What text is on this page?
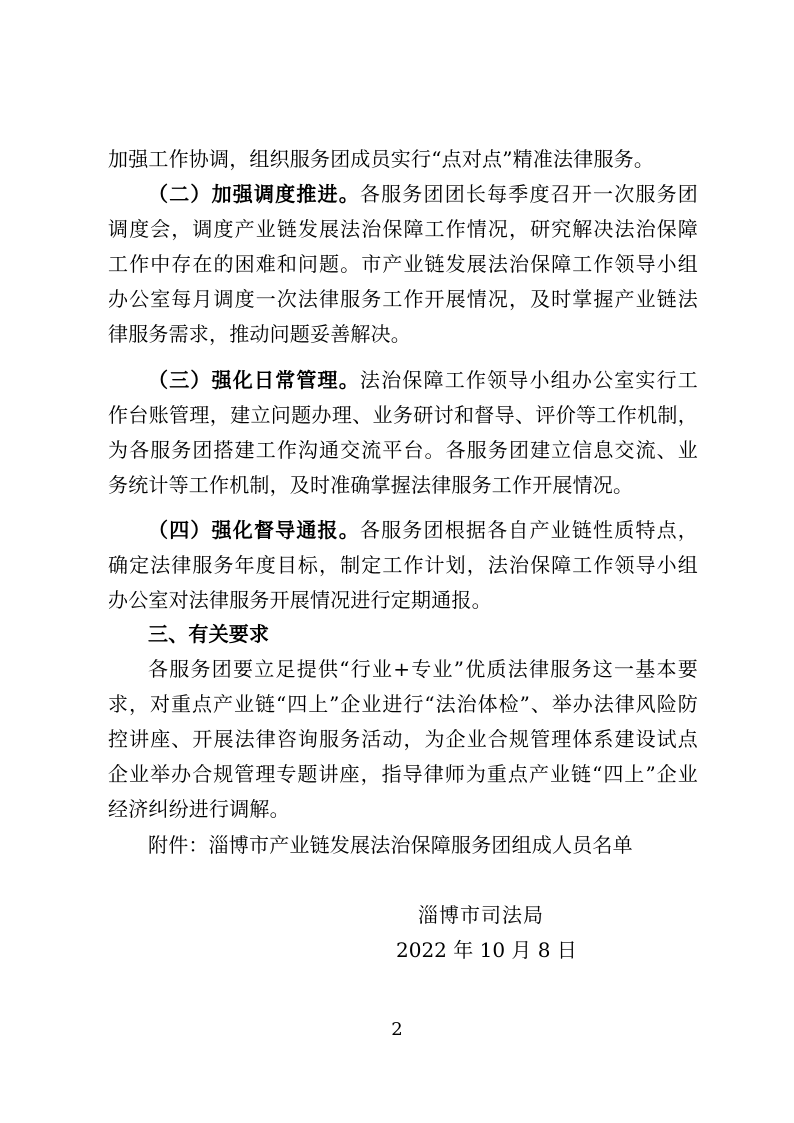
加强工作协调，组织服务团成员实行“点对点”精准法律服务。
（二）加强调度推进。各服务团团长每季度召开一次服务团
调度会，调度产业链发展法治保障工作情况，研究解决法治保障
工作中存在的困难和问题。市产业链发展法治保障工作领导小组
办公室每月调度一次法律服务工作开展情况，及时掌握产业链法
律服务需求，推动问题妥善解决。
（三）强化日常管理。法治保障工作领导小组办公室实行工
作台账管理，建立问题办理、业务研讨和督导、评价等工作机制，
为各服务团搭建工作沟通交流平台。各服务团建立信息交流、业
务统计等工作机制，及时准确掌握法律服务工作开展情况。
（四）强化督导通报。各服务团根据各自产业链性质特点，
确定法律服务年度目标，制定工作计划，法治保障工作领导小组
办公室对法律服务开展情况进行定期通报。
三、有关要求
各服务团要立足提供“行业+专业”优质法律服务这一基本要
求，对重点产业链“四上”企业进行“法治体检”、举办法律风险防
控讲座、开展法律咨询服务活动，为企业合规管理体系建设试点
企业举办合规管理专题讲座，指导律师为重点产业链“四上”企业
经济纠纷进行调解。
附件：淄博市产业链发展法治保障服务团组成人员名单
淄博市司法局
2022 年 10 月 8 日
2
